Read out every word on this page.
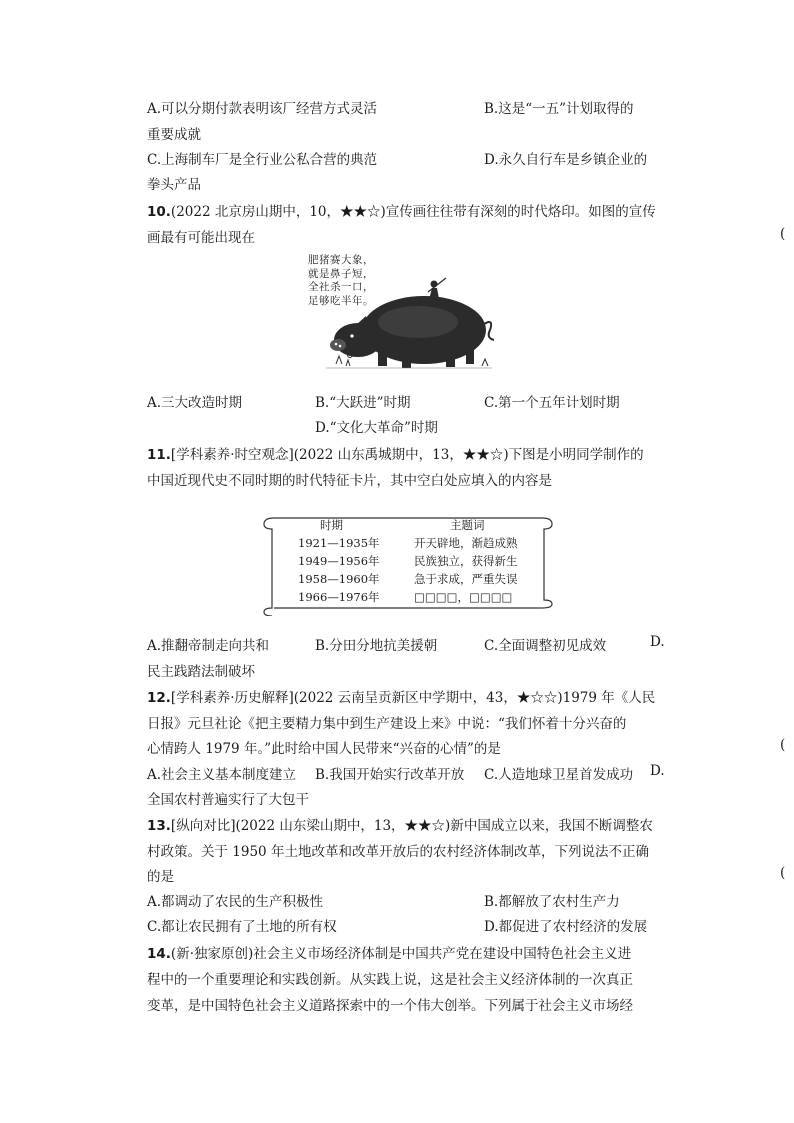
A.可以分期付款表明该厂经营方式灵活	B.这是“一五”计划取得的
重要成就
C.上海制车厂是全行业公私合营的典范	D.永久自行车是乡镇企业的
拳头产品
10.(2022 北京房山期中，10，★★☆)宣传画往往带有深刻的时代烙印。如图的宣传
画最有可能出现在	(
肥猪赛大象，
就是鼻子短，
全社杀一口，
足够吃半年。
A.三大改造时期	B.“大跃进”时期	C.第一个五年计划时期
D.“文化大革命”时期
11.[学科素养·时空观念](2022 山东禹城期中，13，★★☆)下图是小明同学制作的
中国近现代史不同时期的时代特征卡片，其中空白处应填入的内容是
时期	主题词
1921—1935年	开天辟地，渐趋成熟
1949—1956年	民族独立，获得新生
1958—1960年	急于求成，严重失误
1966—1976年	□□□□，□□□□
A.推翻帝制走向共和	B.分田分地抗美援朝	C.全面调整初见成效	D.
民主践踏法制破坏
12.[学科素养·历史解释](2022 云南呈贡新区中学期中，43，★☆☆)1979 年《人民
日报》元旦社论《把主要精力集中到生产建设上来》中说：“我们怀着十分兴奋的
心情跨人 1979 年。”此时给中国人民带来“兴奋的心情”的是	(
A.社会主义基本制度建立 B.我国开始实行改革开放 C.人造地球卫星首发成功 D.
全国农村普遍实行了大包干
13.[纵向对比](2022 山东梁山期中，13，★★☆)新中国成立以来，我国不断调整农
村政策。关于 1950 年土地改革和改革开放后的农村经济体制改革，下列说法不正确
的是	(
A.都调动了农民的生产积极性	B.都解放了农村生产力
C.都让农民拥有了土地的所有权	D.都促进了农村经济的发展
14.(新·独家原创)社会主义市场经济体制是中国共产党在建设中国特色社会主义进
程中的一个重要理论和实践创新。从实践上说，这是社会主义经济体制的一次真正
变革，是中国特色社会主义道路探索中的一个伟大创举。下列属于社会主义市场经
